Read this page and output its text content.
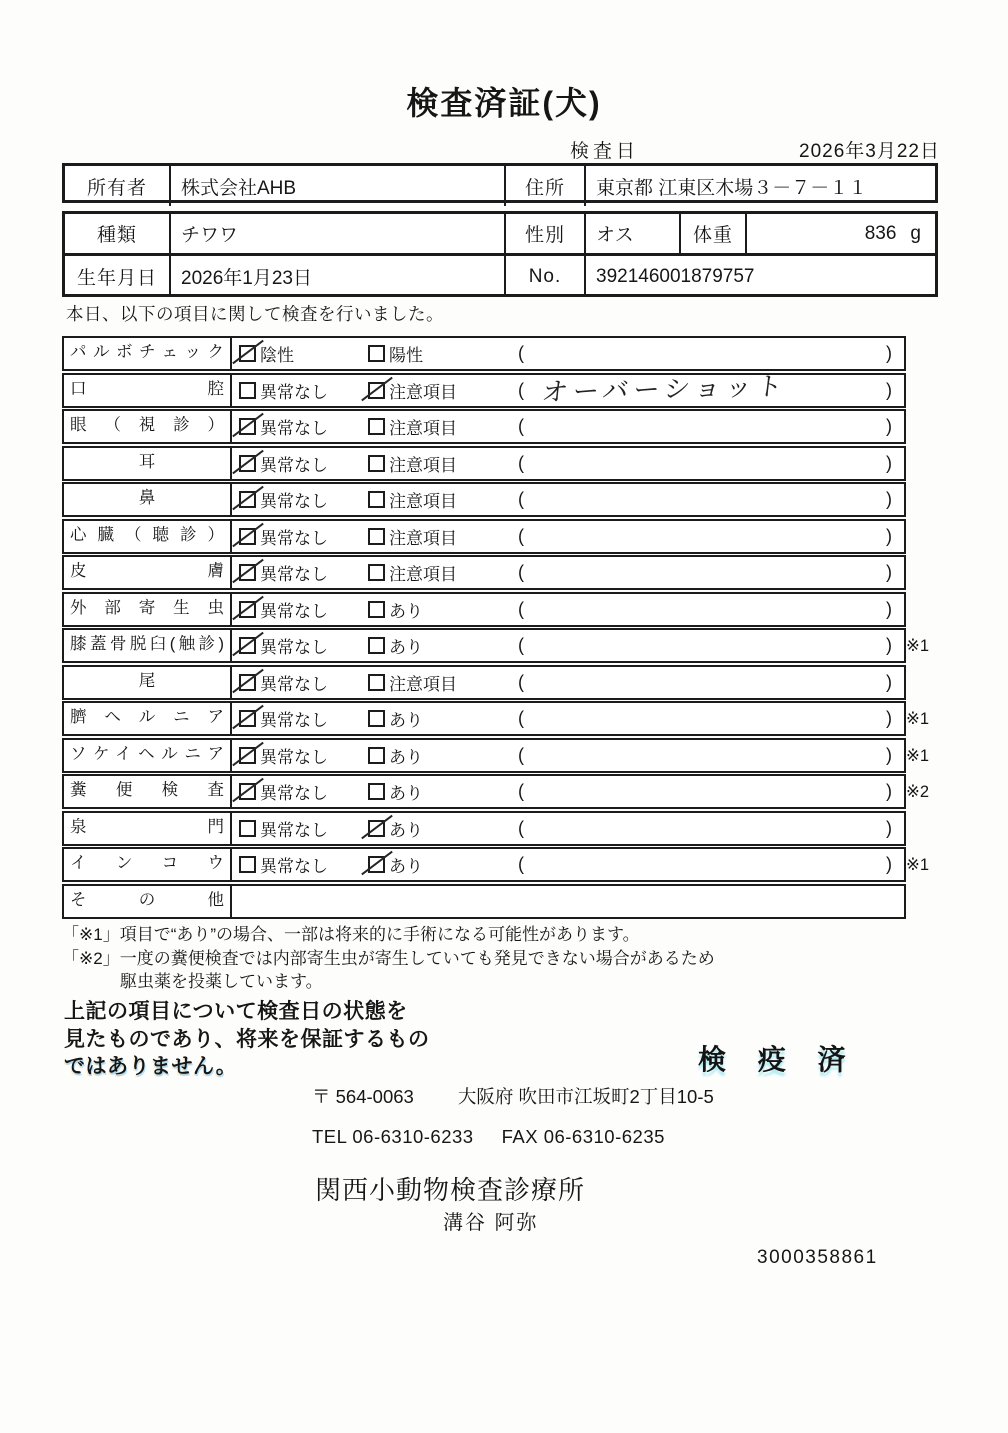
検査済証(犬)
検査日	2026年3月22日
所有者	株式会社AHB	住所	東京都 江東区木場３－７－１１
種類	チワワ	性別	オス	体重	836 g
生年月日	2026年1月23日	No.	392146001879757
本日、以下の項目に関して検査を行いました。
パルボチェック	陰性	陽性	(	)
口腔	異常なし	注意項目	( オーバーショット	)
眼（視診）	異常なし	注意項目	(	)
耳	異常なし	注意項目	(	)
鼻	異常なし	注意項目	(	)
心臓（聴診）	異常なし	注意項目	(	)
皮膚	異常なし	注意項目	(	)
外部寄生虫	異常なし	あり	(	)
膝蓋骨脱臼(触診)	異常なし	あり	(	) ※1
尾	異常なし	注意項目	(	)
臍ヘルニア	異常なし	あり	(	) ※1
ソケイヘルニア	異常なし	あり	(	) ※1
糞便検査	異常なし	あり	(	) ※2
泉門	異常なし	あり	(	)
インコウ	異常なし	あり	(	) ※1
その他
「※1」項目で“あり”の場合、一部は将来的に手術になる可能性があります。
「※2」一度の糞便検査では内部寄生虫が寄生していても発見できない場合があるため
駆虫薬を投薬しています。
上記の項目について検査日の状態を
見たものであり、将来を保証するもの
ではありません。	検 疫 済
〒 564-0063 大阪府 吹田市江坂町2丁目10-5
TEL 06-6310-6233 FAX 06-6310-6235
関西小動物検査診療所
溝谷 阿弥
3000358861
